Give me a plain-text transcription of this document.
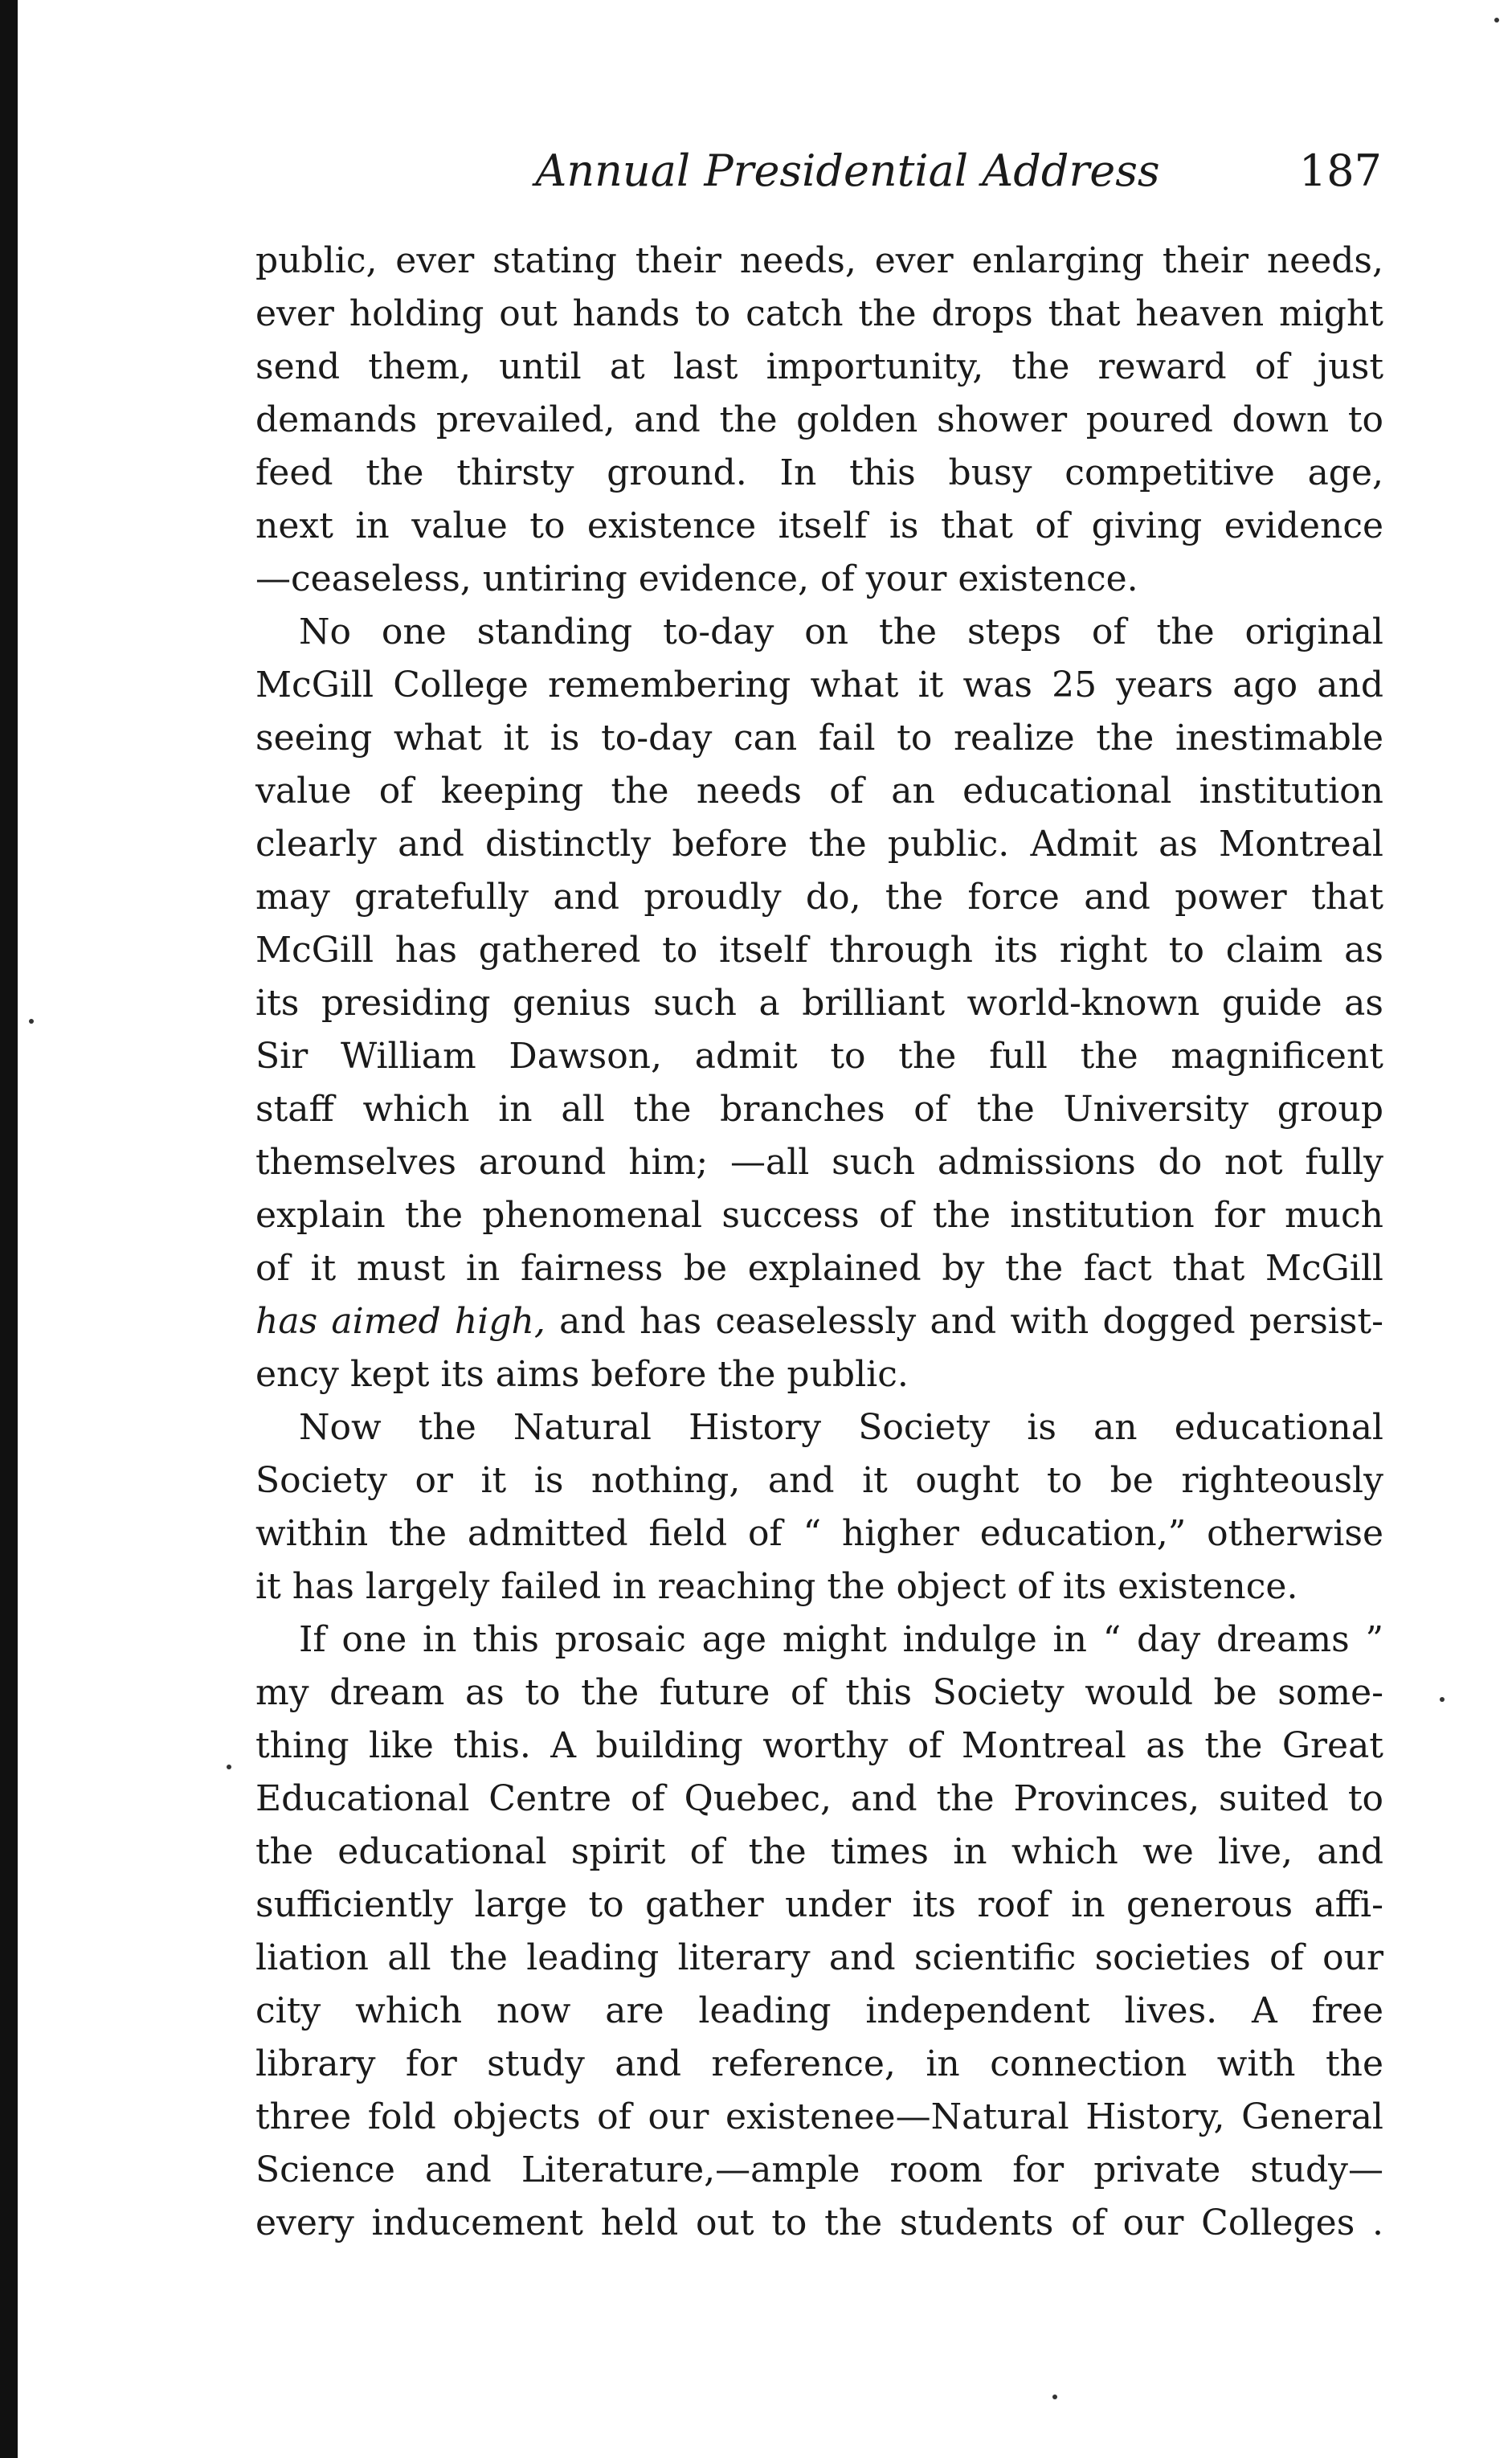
Annual Presidential Address	187
public, ever stating their needs, ever enlarging their needs,
ever holding out hands to catch the drops that heaven might
send them, until at last importunity, the reward of just
demands prevailed, and the golden shower poured down to
feed the thirsty ground. In this busy competitive age,
next in value to existence itself is that of giving evidence
—ceaseless, untiring evidence, of your existence.
No one standing to-day on the steps of the original
McGill College remembering what it was 25 years ago and
seeing what it is to-day can fail to realize the inestimable
value of keeping the needs of an educational institution
clearly and distinctly before the public. Admit as Montreal
may gratefully and proudly do, the force and power that
McGill has gathered to itself through its right to claim as
its presiding genius such a brilliant world-known guide as
Sir William Dawson, admit to the full the magnificent
staff which in all the branches of the University group
themselves around him; —all such admissions do not fully
explain the phenomenal success of the institution for much
of it must in fairness be explained by the fact that McGill
has aimed high, and has ceaselessly and with dogged persist-
ency kept its aims before the public.
Now the Natural History Society is an educational
Society or it is nothing, and it ought to be righteously
within the admitted field of “ higher education,” otherwise
it has largely failed in reaching the object of its existence.
If one in this prosaic age might indulge in “ day dreams ”
my dream as to the future of this Society would be some-
thing like this. A building worthy of Montreal as the Great
Educational Centre of Quebec, and the Provinces, suited to
the educational spirit of the times in which we live, and
sufficiently large to gather under its roof in generous affi-
liation all the leading literary and scientific societies of our
city which now are leading independent lives. A free
library for study and reference, in connection with the
three fold objects of our existenee—Natural History, General
Science and Literature,—ample room for private study—
every inducement held out to the students of our Colleges .
